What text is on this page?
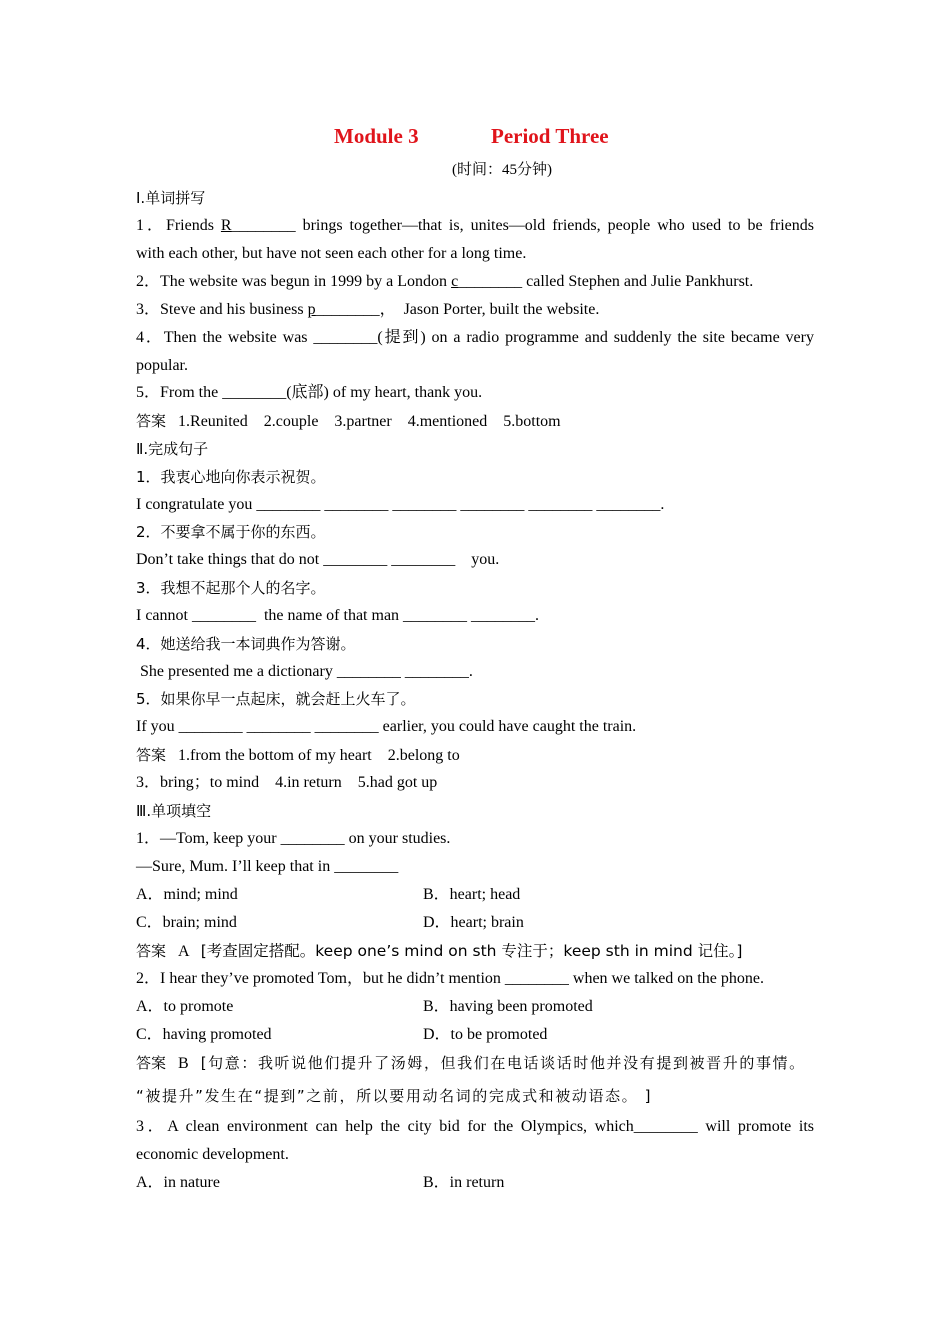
Module 3	Period Three
(时间：45分钟)
Ⅰ.单词拼写
1．Friends R________ brings together—that is, unites—old friends, people who used to be friends
with each other, but have not seen each other for a long time.
2．The website was begun in 1999 by a London c________ called Stephen and Julie Pankhurst.
3．Steve and his business p________，  Jason Porter, built the website.
4．Then the website was ________(提到) on a radio programme and suddenly the site became very
popular.
5．From the ________(底部) of my heart, thank you.
答案   1.Reunited    2.couple    3.partner    4.mentioned    5.bottom
Ⅱ.完成句子
1．我衷心地向你表示祝贺。
I congratulate you ________ ________ ________ ________ ________ ________.
2．不要拿不属于你的东西。
Don’t take things that do not ________ ________    you.
3．我想不起那个人的名字。
I cannot ________  the name of that man ________ ________.
4．她送给我一本词典作为答谢。
She presented me a dictionary ________ ________.
5．如果你早一点起床，就会赶上火车了。
If you ________ ________ ________ earlier, you could have caught the train.
答案   1.from the bottom of my heart    2.belong to
3．bring；to mind    4.in return    5.had got up
Ⅲ.单项填空
1．—Tom, keep your ________ on your studies.
—Sure, Mum. I’ll keep that in ________
A．mind; mind	B．heart; head
C．brain; mind	D．heart; brain
答案   A   [考查固定搭配。keep one’s mind on sth 专注于；keep sth in mind 记住。]
2．I hear they’ve promoted Tom，but he didn’t mention ________ when we talked on the phone.
A．to promote	B．having been promoted
C．having promoted	D．to be promoted
答案   B   [句意：我听说他们提升了汤姆，但我们在电话谈话时他并没有提到被晋升的事情。
“被提升”发生在“提到”之前，所以要用动名词的完成式和被动语态。 ]
3．A clean environment can help the city bid for the Olympics, which________ will promote its
economic development.
A．in nature	B．in return
